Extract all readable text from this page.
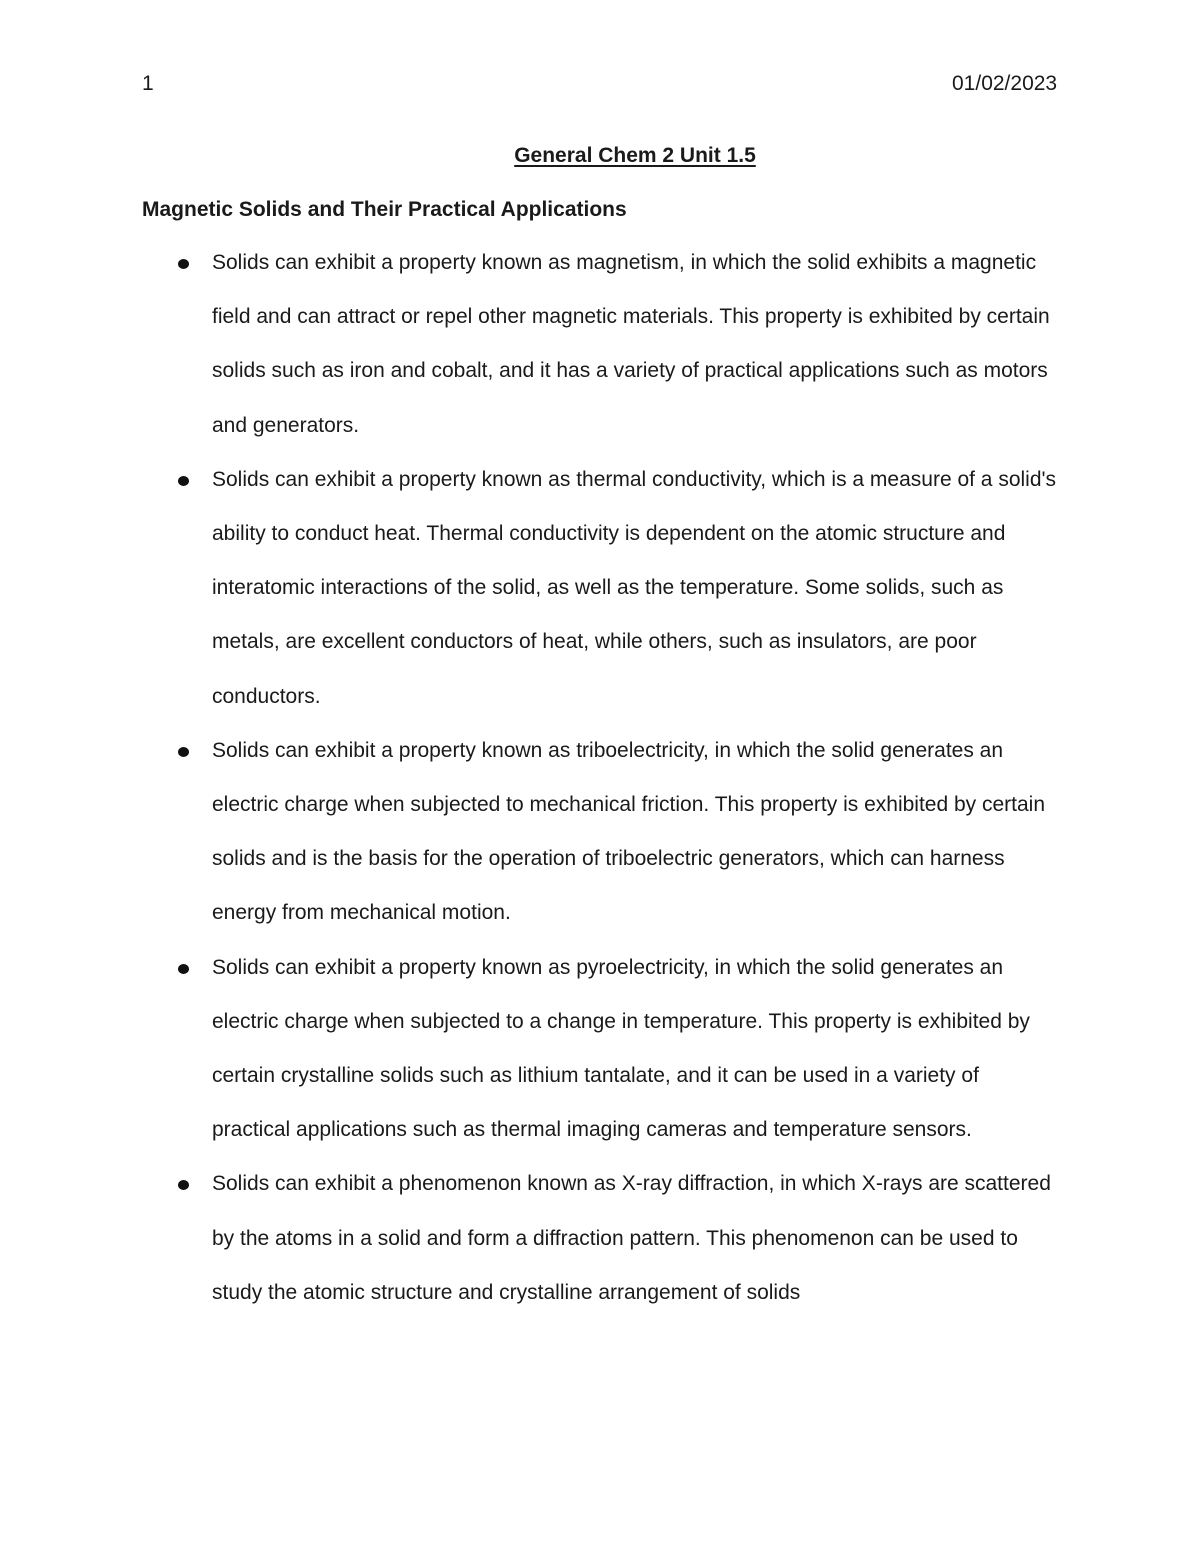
1	01/02/2023
General Chem 2 Unit 1.5
Magnetic Solids and Their Practical Applications
Solids can exhibit a property known as magnetism, in which the solid exhibits a magnetic field and can attract or repel other magnetic materials. This property is exhibited by certain solids such as iron and cobalt, and it has a variety of practical applications such as motors and generators.
Solids can exhibit a property known as thermal conductivity, which is a measure of a solid's ability to conduct heat. Thermal conductivity is dependent on the atomic structure and interatomic interactions of the solid, as well as the temperature. Some solids, such as metals, are excellent conductors of heat, while others, such as insulators, are poor conductors.
Solids can exhibit a property known as triboelectricity, in which the solid generates an electric charge when subjected to mechanical friction. This property is exhibited by certain solids and is the basis for the operation of triboelectric generators, which can harness energy from mechanical motion.
Solids can exhibit a property known as pyroelectricity, in which the solid generates an electric charge when subjected to a change in temperature. This property is exhibited by certain crystalline solids such as lithium tantalate, and it can be used in a variety of practical applications such as thermal imaging cameras and temperature sensors.
Solids can exhibit a phenomenon known as X-ray diffraction, in which X-rays are scattered by the atoms in a solid and form a diffraction pattern. This phenomenon can be used to study the atomic structure and crystalline arrangement of solids
